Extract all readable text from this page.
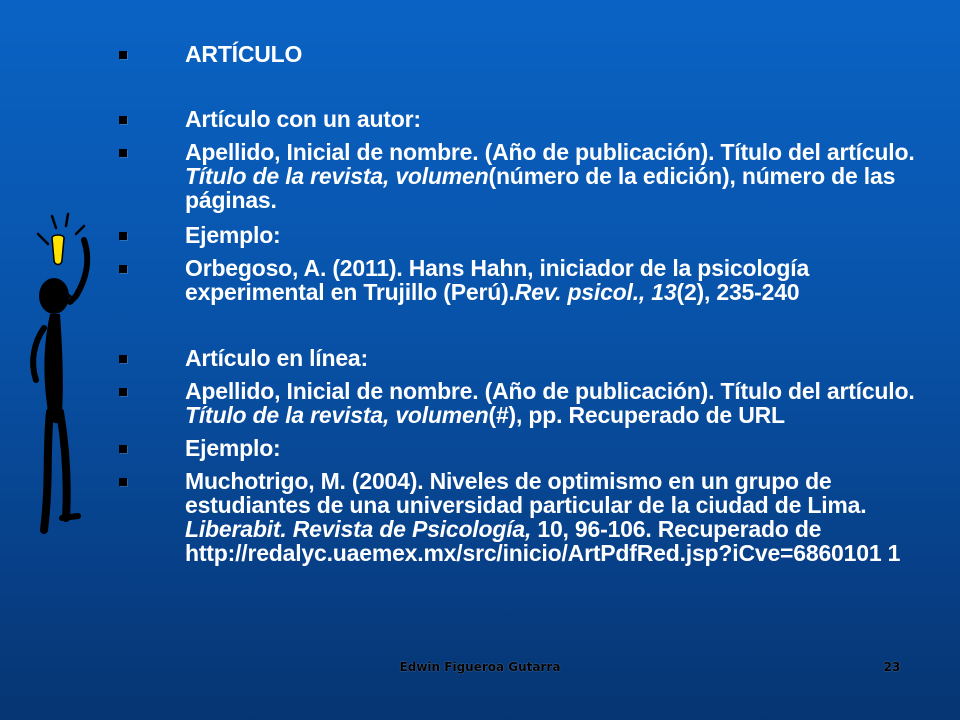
ARTÍCULO
Artículo con un autor:
Apellido, Inicial de nombre. (Año de publicación). Título del artículo. Título de la revista, volumen(número de la edición), número de las páginas.
Ejemplo:
Orbegoso, A. (2011). Hans Hahn, iniciador de la psicología experimental en Trujillo (Perú).Rev. psicol., 13(2), 235-240
Artículo en línea:
Apellido, Inicial de nombre. (Año de publicación). Título del artículo. Título de la revista, volumen(#), pp. Recuperado de URL
Ejemplo:
Muchotrigo, M. (2004). Niveles de optimismo en un grupo de estudiantes de una universidad particular de la ciudad de Lima. Liberabit. Revista de Psicología, 10, 96-106. Recuperado de http://redalyc.uaemex.mx/src/inicio/ArtPdfRed.jsp?iCve=6860101 1
Edwin Figueroa Gutarra	23
